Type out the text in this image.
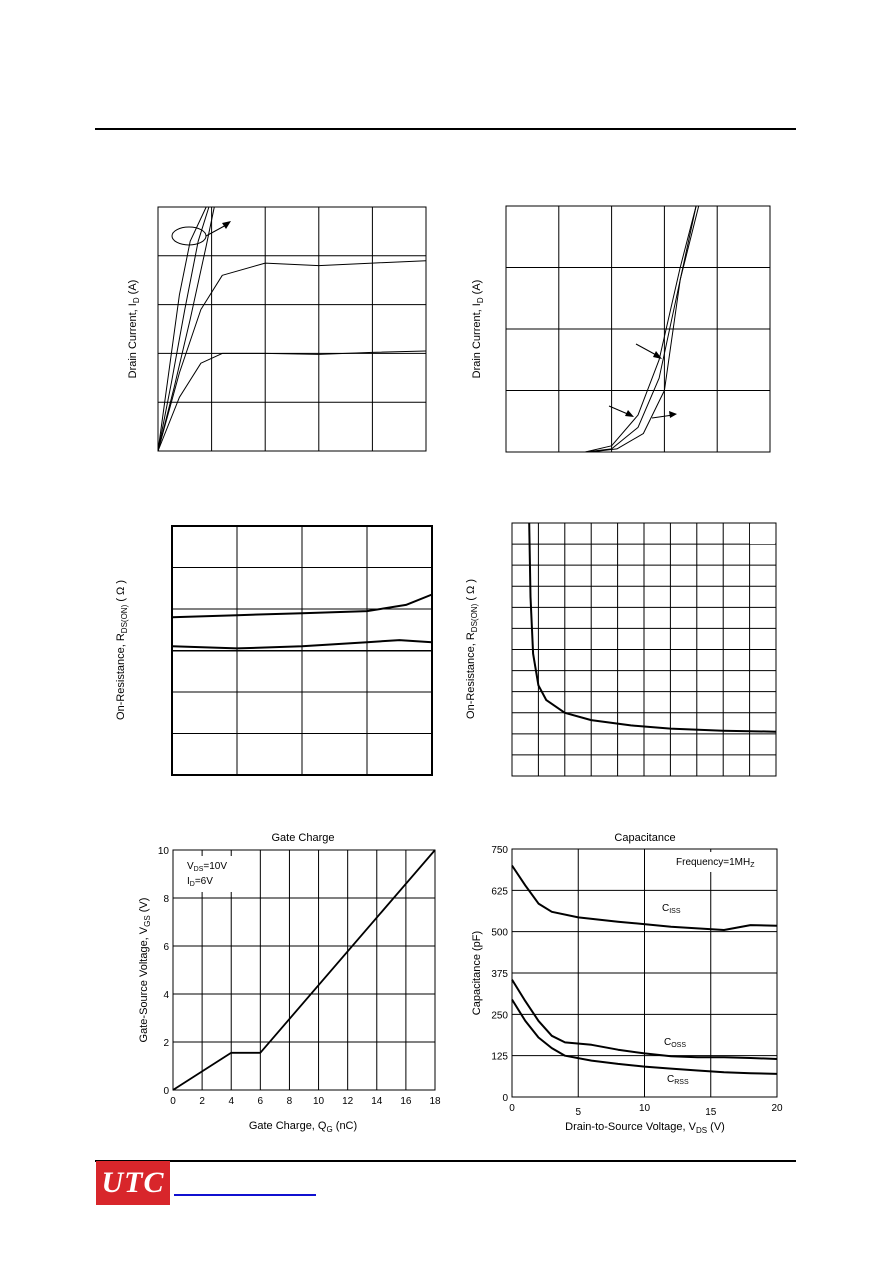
UTC
Drain Current, $I_D$ (A)
Drain Current, $I_D$ (A)
On-Resistance, $R_{DS(ON)}$ ( Ω )
On-Resistance, $R_{DS(ON)}$ ( Ω )
Gate Charge
$V_{DS}=10V$
$I_D=6V$
0 2 4 6 8 10 12 14 16 18
0
2
4
6
8
10
Gate Charge, $Q_G$ (nC)
Gate-Source Voltage, $V_{GS}$ (V)
Capacitance
$Frequency=1MH_Z$
$C_{ISS}$
$C_{OSS}$
$C_{RSS}$
0	5	10	15	20
0
125
250
375
500
625
750
Drain-to-Source Voltage, $V_{DS}$ (V)
Capacitance (pF)
